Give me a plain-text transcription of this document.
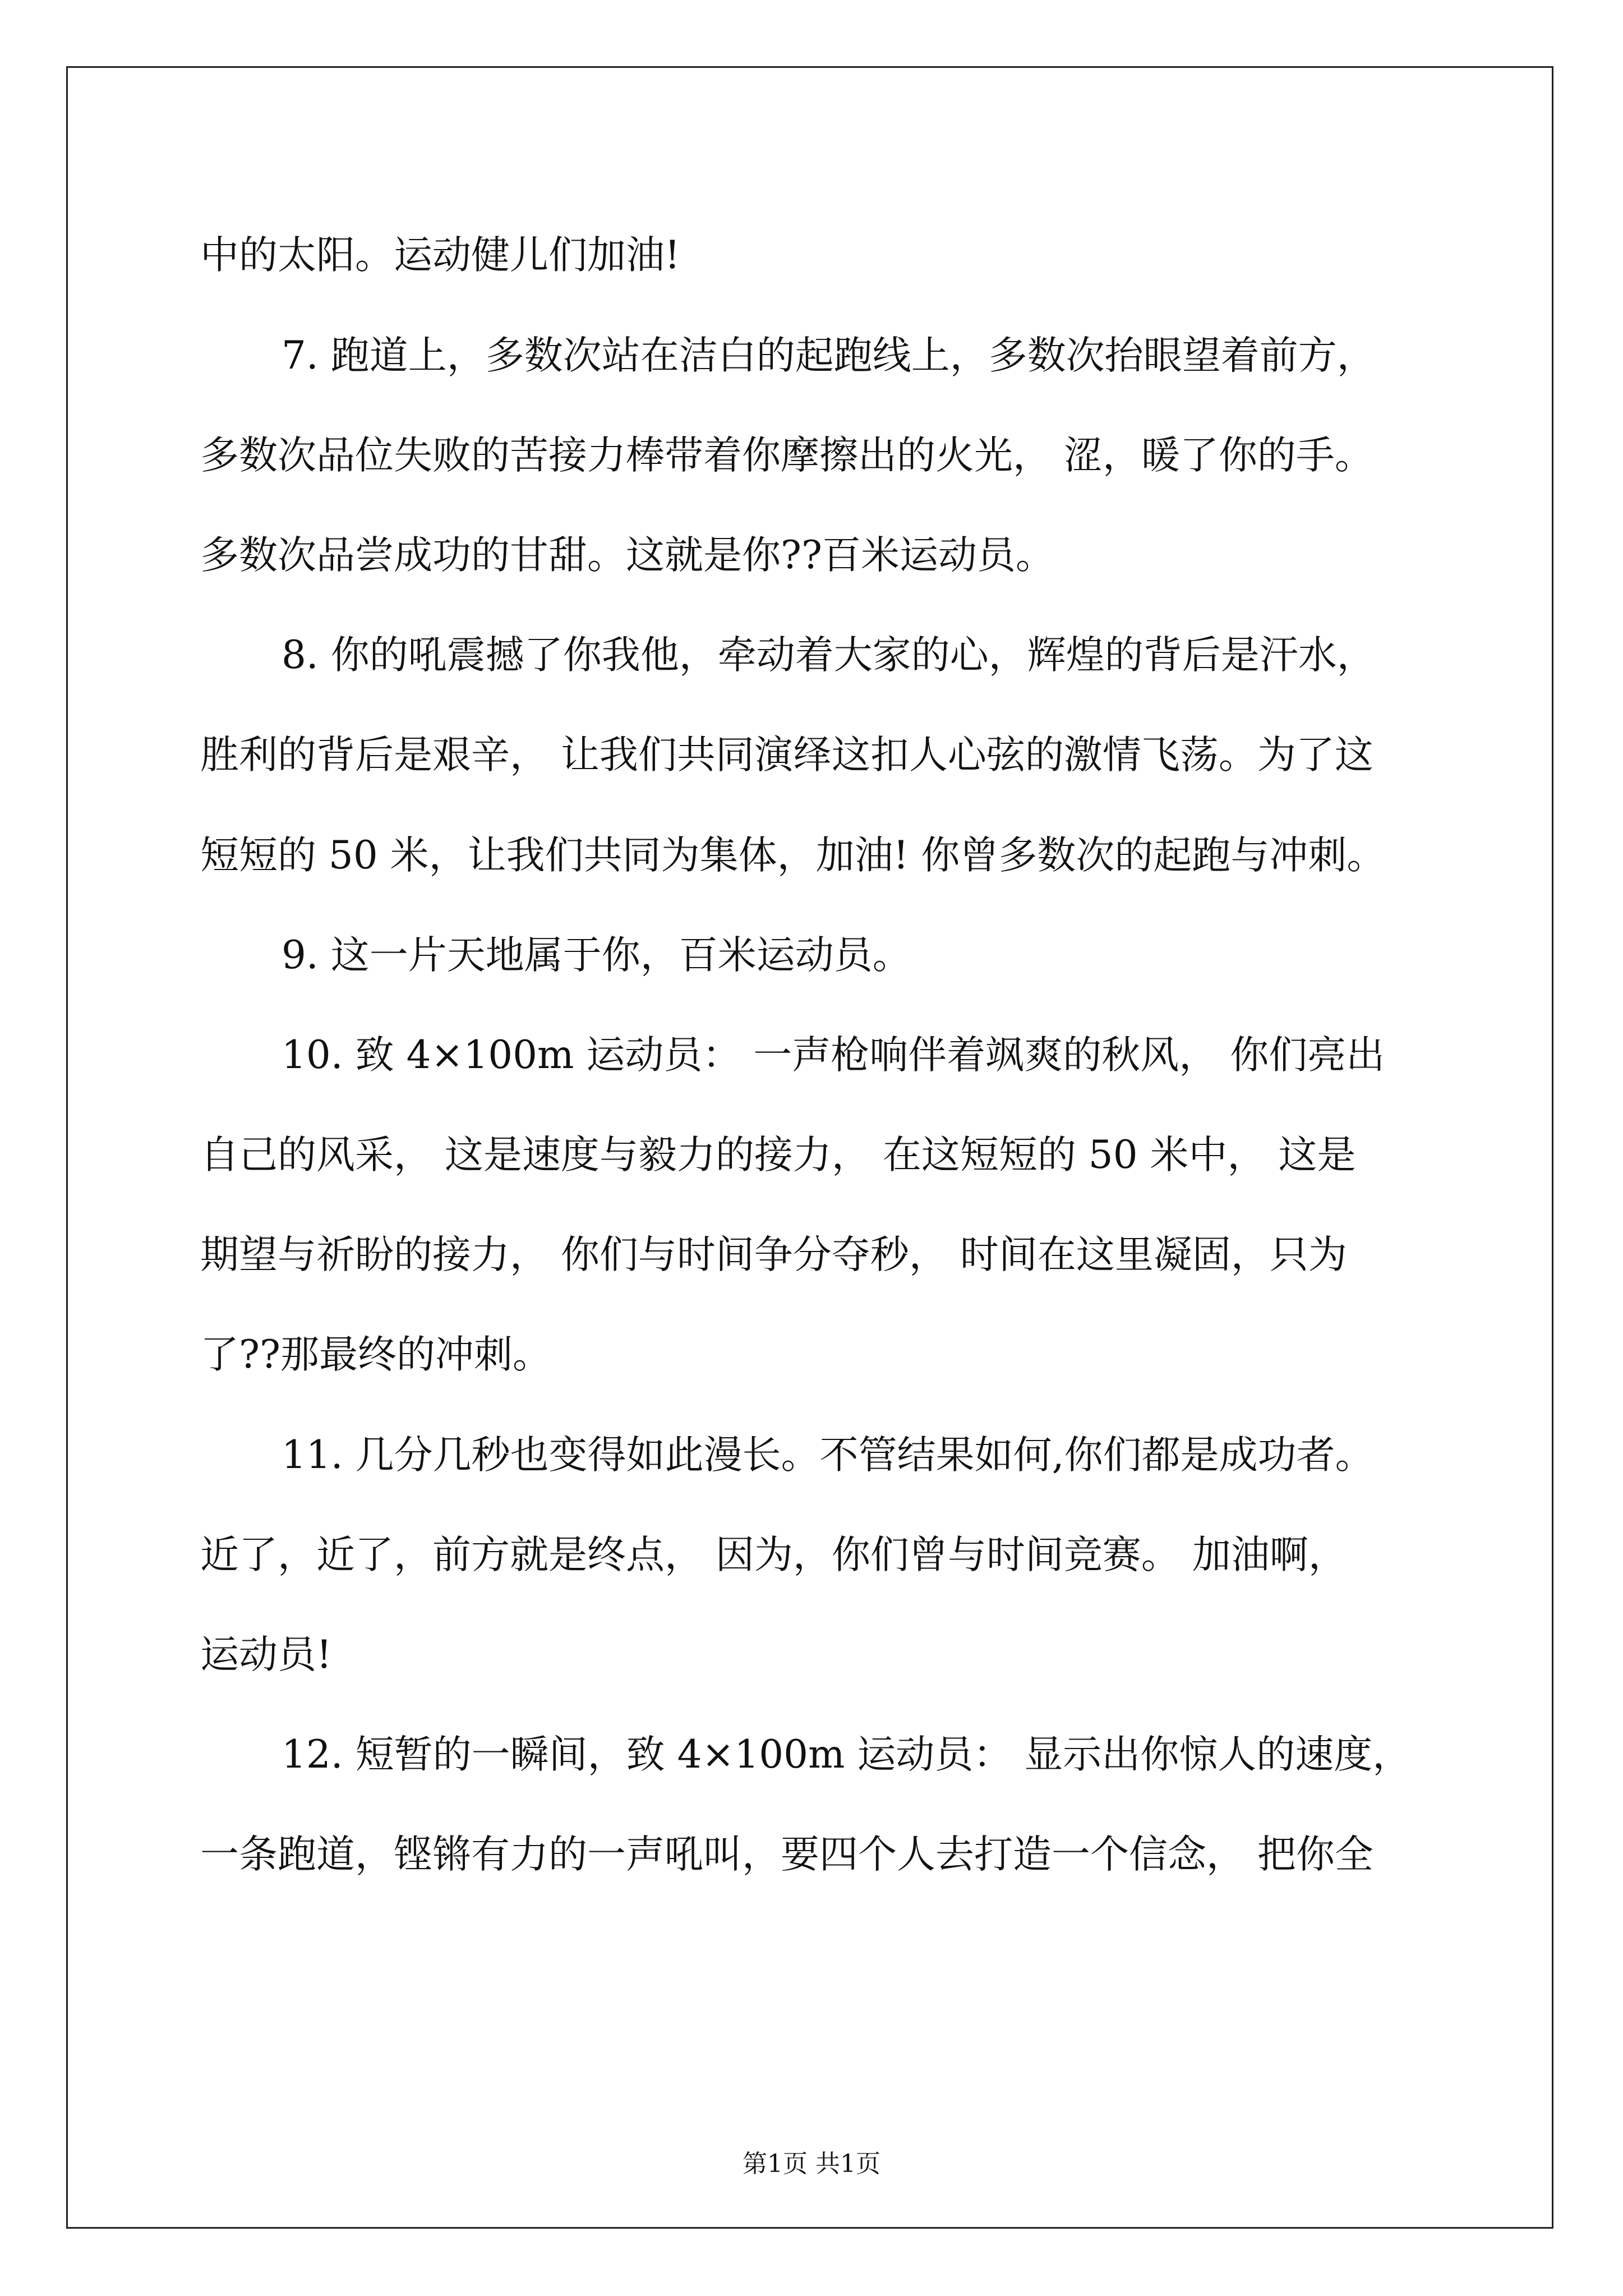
中的太阳。运动健儿们加油!
7. 跑道上，多数次站在洁白的起跑线上，多数次抬眼望着前方，
多数次品位失败的苦接力棒带着你摩擦出的火光， 涩，暖了你的手。
多数次品尝成功的甘甜。这就是你??百米运动员。
8. 你的吼震撼了你我他，牵动着大家的心，辉煌的背后是汗水，
胜利的背后是艰辛， 让我们共同演绎这扣人心弦的激情飞荡。为了这
短短的 50 米，让我们共同为集体，加油! 你曾多数次的起跑与冲刺。
9. 这一片天地属于你，百米运动员。
10. 致 4×100m 运动员： 一声枪响伴着飒爽的秋风， 你们亮出
自己的风采， 这是速度与毅力的接力， 在这短短的 50 米中， 这是
期望与祈盼的接力， 你们与时间争分夺秒， 时间在这里凝固，只为
了??那最终的冲刺。
11. 几分几秒也变得如此漫长。不管结果如何,你们都是成功者。
近了，近了，前方就是终点， 因为，你们曾与时间竞赛。 加油啊，
运动员!
12. 短暂的一瞬间，致 4×100m 运动员： 显示出你惊人的速度，
一条跑道，铿锵有力的一声吼叫，要四个人去打造一个信念， 把你全
第1页 共1页
